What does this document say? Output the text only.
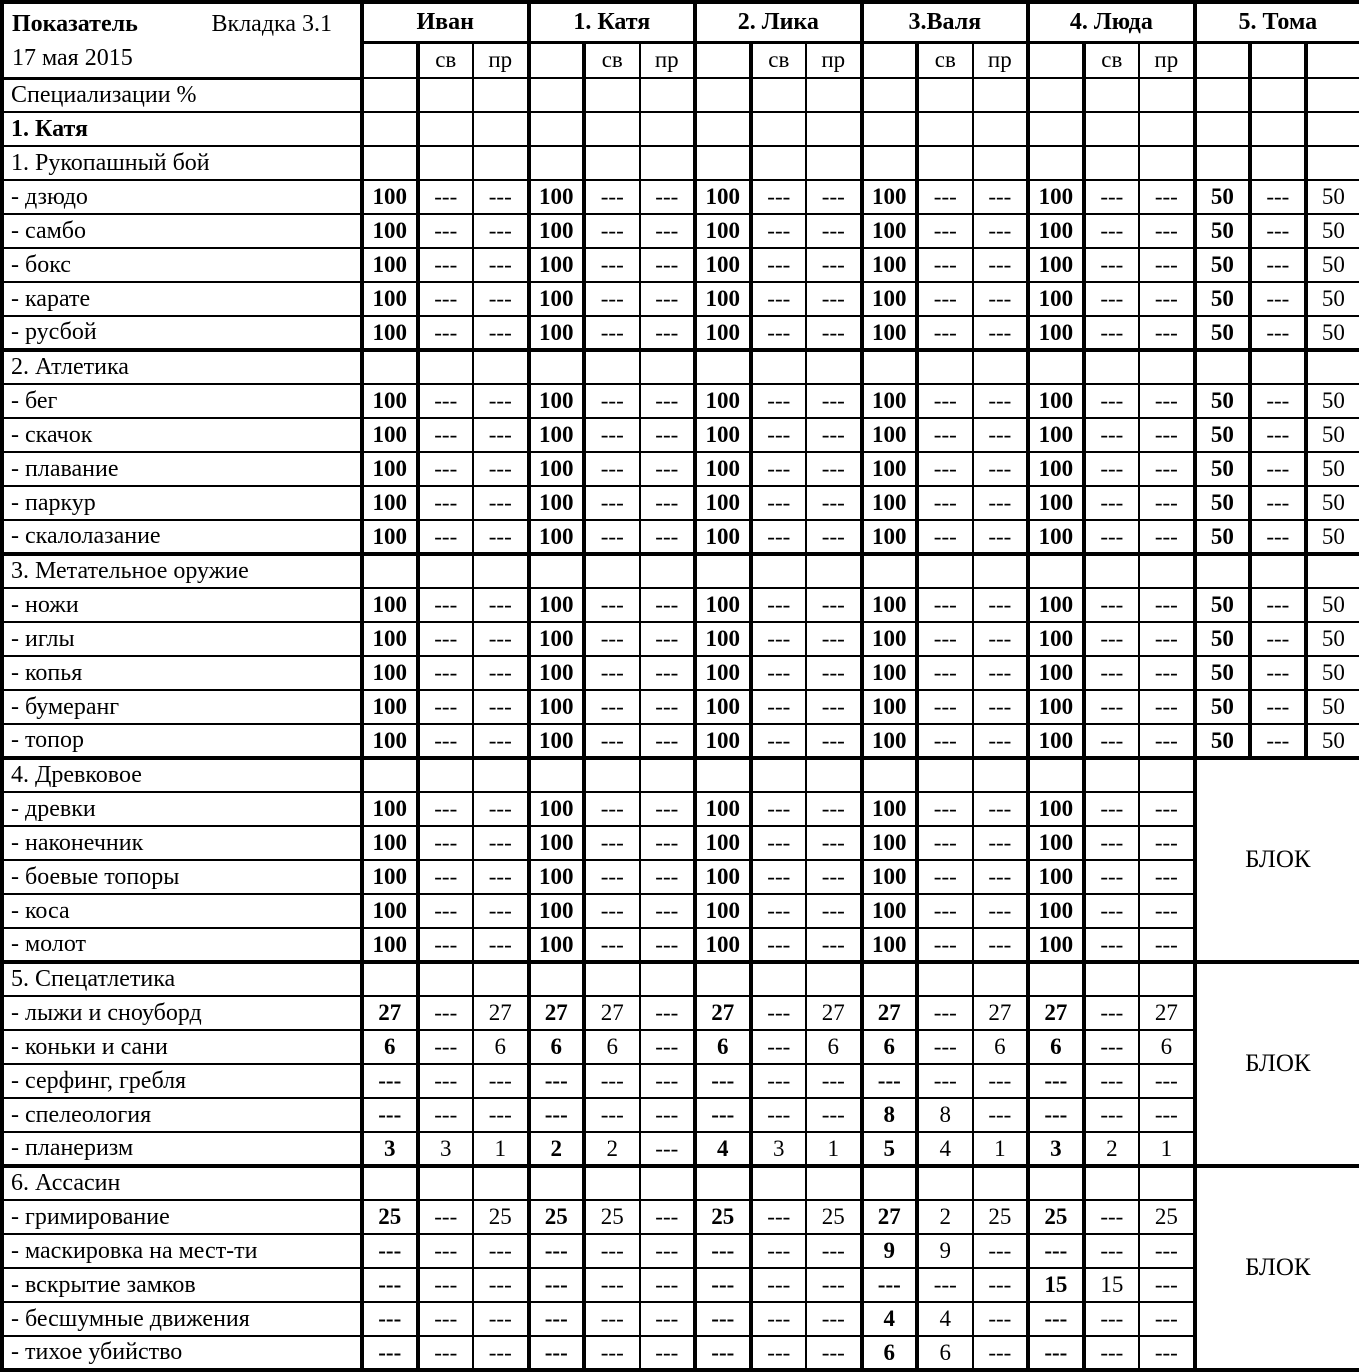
Показатель Вкладка 3.1
17 мая 2015	Иван			1. Катя			2. Лика			3.Валя			4. Люда			5. Тома		
		св	пр		св	пр		св	пр		св	пр		св	пр			
Специализации %																		
1. Катя																		
1. Рукопашный бой																		
- дзюдо	100	---	---	100	---	---	100	---	---	100	---	---	100	---	---	50	---	50
- самбо	100	---	---	100	---	---	100	---	---	100	---	---	100	---	---	50	---	50
- бокс	100	---	---	100	---	---	100	---	---	100	---	---	100	---	---	50	---	50
- карате	100	---	---	100	---	---	100	---	---	100	---	---	100	---	---	50	---	50
- русбой	100	---	---	100	---	---	100	---	---	100	---	---	100	---	---	50	---	50
2. Атлетика																		
- бег	100	---	---	100	---	---	100	---	---	100	---	---	100	---	---	50	---	50
- скачок	100	---	---	100	---	---	100	---	---	100	---	---	100	---	---	50	---	50
- плавание	100	---	---	100	---	---	100	---	---	100	---	---	100	---	---	50	---	50
- паркур	100	---	---	100	---	---	100	---	---	100	---	---	100	---	---	50	---	50
- скалолазание	100	---	---	100	---	---	100	---	---	100	---	---	100	---	---	50	---	50
3. Метательное оружие																		
- ножи	100	---	---	100	---	---	100	---	---	100	---	---	100	---	---	50	---	50
- иглы	100	---	---	100	---	---	100	---	---	100	---	---	100	---	---	50	---	50
- копья	100	---	---	100	---	---	100	---	---	100	---	---	100	---	---	50	---	50
- бумеранг	100	---	---	100	---	---	100	---	---	100	---	---	100	---	---	50	---	50
- топор	100	---	---	100	---	---	100	---	---	100	---	---	100	---	---	50	---	50
4. Древковое																БЛОК		
- древки	100	---	---	100	---	---	100	---	---	100	---	---	100	---	---			
- наконечник	100	---	---	100	---	---	100	---	---	100	---	---	100	---	---			
- боевые топоры	100	---	---	100	---	---	100	---	---	100	---	---	100	---	---			
- коса	100	---	---	100	---	---	100	---	---	100	---	---	100	---	---			
- молот	100	---	---	100	---	---	100	---	---	100	---	---	100	---	---			
5. Спецатлетика																БЛОК		
- лыжи и сноуборд	27	---	27	27	27	---	27	---	27	27	---	27	27	---	27			
- коньки и сани	6	---	6	6	6	---	6	---	6	6	---	6	6	---	6			
- серфинг, гребля	---	---	---	---	---	---	---	---	---	---	---	---	---	---	---			
- спелеология	---	---	---	---	---	---	---	---	---	8	8	---	---	---	---			
- планеризм	3	3	1	2	2	---	4	3	1	5	4	1	3	2	1			
6. Ассасин																БЛОК		
- гримирование	25	---	25	25	25	---	25	---	25	27	2	25	25	---	25			
- маскировка на мест-ти	---	---	---	---	---	---	---	---	---	9	9	---	---	---	---			
- вскрытие замков	---	---	---	---	---	---	---	---	---	---	---	---	15	15	---			
- бесшумные движения	---	---	---	---	---	---	---	---	---	4	4	---	---	---	---			
- тихое убийство	---	---	---	---	---	---	---	---	---	6	6	---	---	---	---			
